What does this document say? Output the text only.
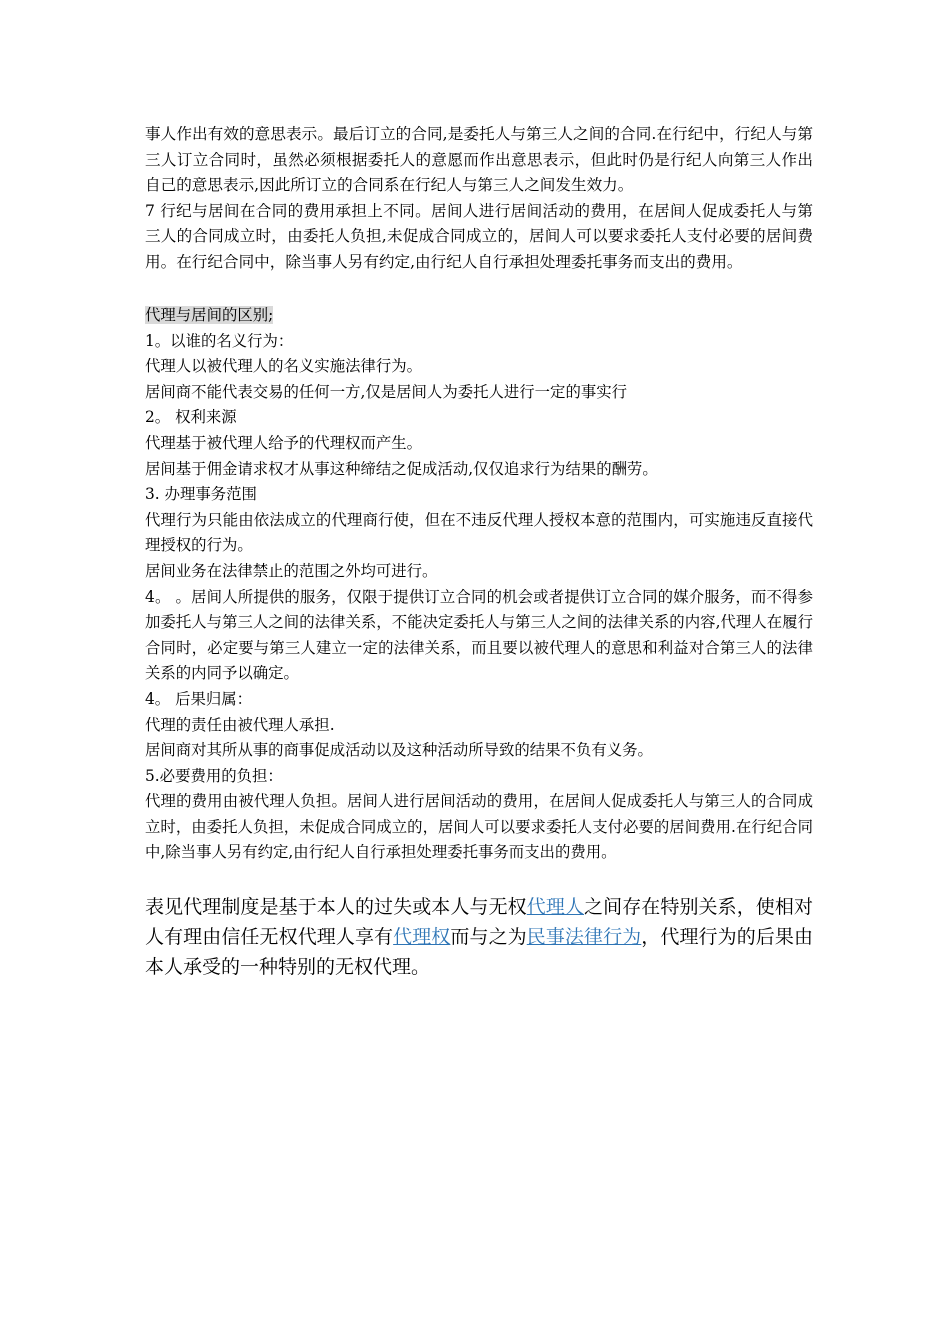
事人作出有效的意思表示。最后订立的合同,是委托人与第三人之间的合同.在行纪中，行纪人与第三人订立合同时，虽然必须根据委托人的意愿而作出意思表示，但此时仍是行纪人向第三人作出自己的意思表示,因此所订立的合同系在行纪人与第三人之间发生效力。

7 行纪与居间在合同的费用承担上不同。居间人进行居间活动的费用，在居间人促成委托人与第三人的合同成立时，由委托人负担,未促成合同成立的，居间人可以要求委托人支付必要的居间费用。在行纪合同中，除当事人另有约定,由行纪人自行承担处理委托事务而支出的费用。

代理与居间的区别;

1。以谁的名义行为：

代理人以被代理人的名义实施法律行为。

居间商不能代表交易的任何一方,仅是居间人为委托人进行一定的事实行

2。 权利来源

代理基于被代理人给予的代理权而产生。

居间基于佣金请求权才从事这种缔结之促成活动,仅仅追求行为结果的酬劳。

3. 办理事务范围

代理行为只能由依法成立的代理商行使，但在不违反代理人授权本意的范围内，可实施违反直接代理授权的行为。

居间业务在法律禁止的范围之外均可进行。

4。 。居间人所提供的服务，仅限于提供订立合同的机会或者提供订立合同的媒介服务，而不得参加委托人与第三人之间的法律关系，不能决定委托人与第三人之间的法律关系的内容,代理人在履行合同时，必定要与第三人建立一定的法律关系，而且要以被代理人的意思和利益对合第三人的法律关系的内同予以确定。

4。 后果归属：

代理的责任由被代理人承担.

居间商对其所从事的商事促成活动以及这种活动所导致的结果不负有义务。

5.必要费用的负担：

代理的费用由被代理人负担。居间人进行居间活动的费用，在居间人促成委托人与第三人的合同成立时，由委托人负担，未促成合同成立的，居间人可以要求委托人支付必要的居间费用.在行纪合同中,除当事人另有约定,由行纪人自行承担处理委托事务而支出的费用。

表见代理制度是基于本人的过失或本人与无权代理人之间存在特别关系，使相对人有理由信任无权代理人享有代理权而与之为民事法律行为，代理行为的后果由本人承受的一种特别的无权代理。
